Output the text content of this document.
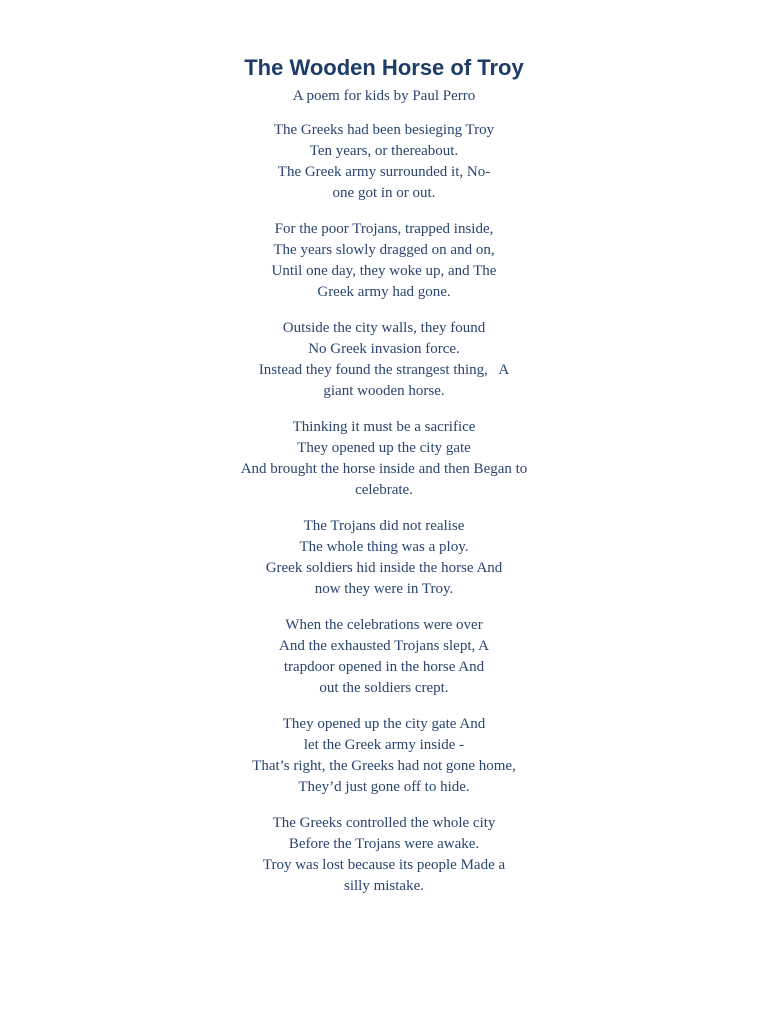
The Wooden Horse of Troy

A poem for kids by Paul Perro

The Greeks had been besieging Troy
Ten years, or thereabout.
The Greek army surrounded it, No-
one got in or out.
For the poor Trojans, trapped inside,
The years slowly dragged on and on,
Until one day, they woke up, and The
Greek army had gone.
Outside the city walls, they found
No Greek invasion force.
Instead they found the strangest thing,   A
giant wooden horse.
Thinking it must be a sacrifice
They opened up the city gate
And brought the horse inside and then Began to
celebrate.
The Trojans did not realise
The whole thing was a ploy.
Greek soldiers hid inside the horse And
now they were in Troy.
When the celebrations were over
And the exhausted Trojans slept, A
trapdoor opened in the horse And
out the soldiers crept.
They opened up the city gate And
let the Greek army inside -
That’s right, the Greeks had not gone home,
They’d just gone off to hide.
The Greeks controlled the whole city
Before the Trojans were awake.
Troy was lost because its people Made a
silly mistake.
